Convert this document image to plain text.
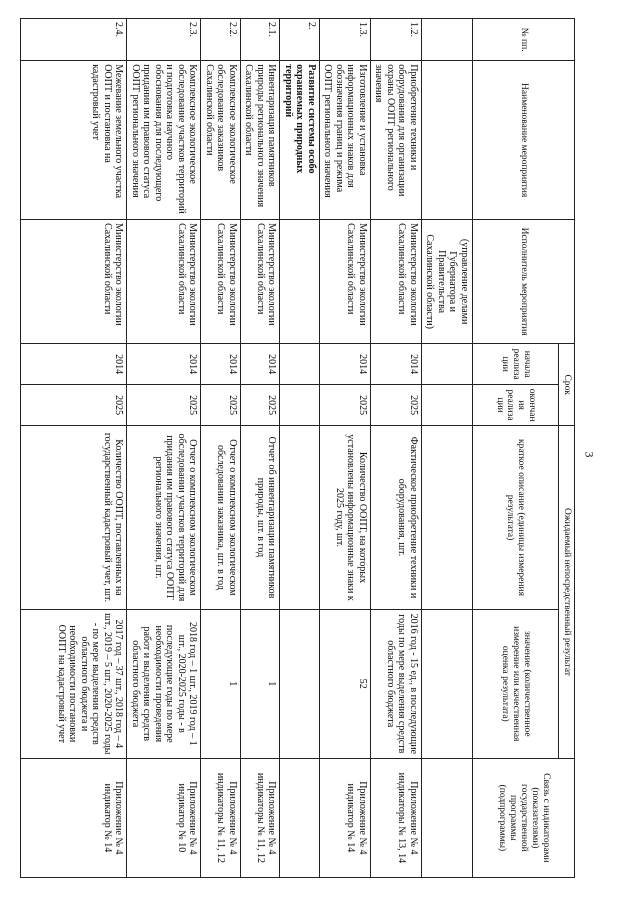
3
№ пп.	Наименование мероприятия	Исполнитель мероприятия	Срок		Ожидаемый непосредственный результат		Связь с индикаторами (показателями) государственной программы (подпрограммы)
			начала реализации	окончания реализации	краткое описание (единицы измерения результата)	значение (количественное измерение или качественная оценка результата)	
		(управление делами Губернатора и Правительства Сахалинской области)					
1.2.	Приобретение техники и оборудования для организации охраны ООПТ регионального значения	Министерство экологии Сахалинской области	2014	2025	Фактическое приобретение техники и оборудования, шт.	2016 год - 15 ед., в последующие годы по мере выделения средств областного бюджета	Приложение № 4 индикаторы № 13, 14
1.3.	Изготовление и установка информационных знаков для обозначения границ и режима ООПТ регионального значения	Министерство экологии Сахалинской области	2014	2025	Количество ООПТ, на которых установлены информационные знаки к 2025 году, шт.	52	Приложение № 4 индикатор № 14
2.	Развитие системы особо охраняемых природных территорий						
2.1.	Инвентаризация памятников природы регионального значения Сахалинской области	Министерство экологии Сахалинской области	2014	2025	Отчет об инвентаризации памятников природы, шт. в год	1	Приложение № 4 индикаторы № 11, 12
2.2.	Комплексное экологическое обследование заказников Сахалинской области	Министерство экологии Сахалинской области	2014	2025	Отчет о комплексном экологическом обследовании заказника, шт. в год	1	Приложение № 4 индикаторы № 11, 12
2.3.	Комплексное экологическое обследование участков территорий и подготовка научного обоснования для последующего придания им правового статуса ООПТ регионального значения	Министерство экологии Сахалинской области	2014	2025	Отчет о комплексном экологическом обследовании участков территорий для придания им правового статуса ООПТ регионального значения, шт.	2018 год – 1 шт., 2019 год – 1 шт., 2020-2025 годы - в последующие годы по мере необходимости проведения работ и выделения средств областного бюджета	Приложение № 4 индикатор № 10
2.4.	Межевание земельного участка ООПТ и постановка на кадастровый учет	Министерство экологии Сахалинской области	2014	2025	Количество ООПТ, поставленных на государственный кадастровый учет, шт.	2017 год – 37 шт., 2018 год – 4 шт., 2019 – 5 шт., 2020-2025 годы - по мере выделения средств областного бюджета и необходимости постановки ООПТ на кадастровый учет	Приложение № 4 индикатор № 14
